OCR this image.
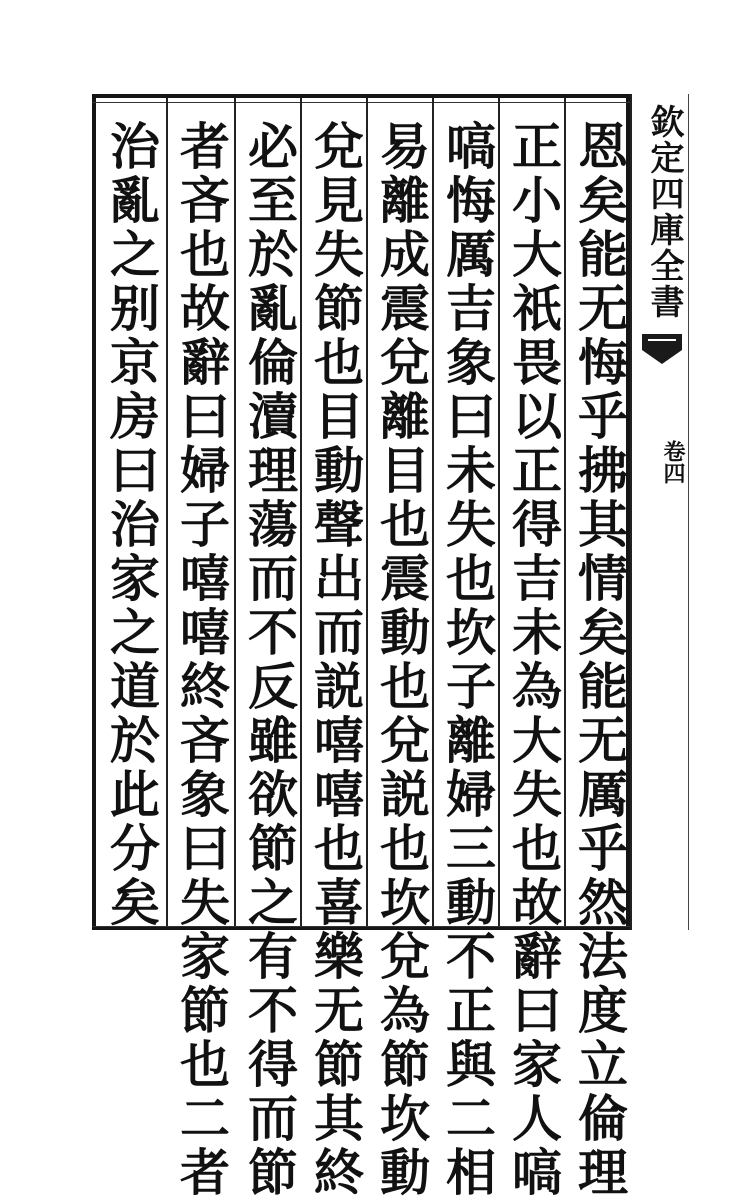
恩矣能无悔乎拂其情矣能无厲乎然法度立倫理
正小大祇畏以正得吉未為大失也故辭曰家人嗃
嗃悔厲吉象曰未失也坎子離婦三動不正與二相
易離成震兌離目也震動也兌説也坎兌為節坎動
兌見失節也目動聲出而説嘻嘻也喜樂无節其終
必至於亂倫瀆理蕩而不反雖欲節之有不得而節
者吝也故辭曰婦子嘻嘻終吝象曰失家節也二者
治亂之别京房曰治家之道於此分矣	欽定四庫全書
卷四
